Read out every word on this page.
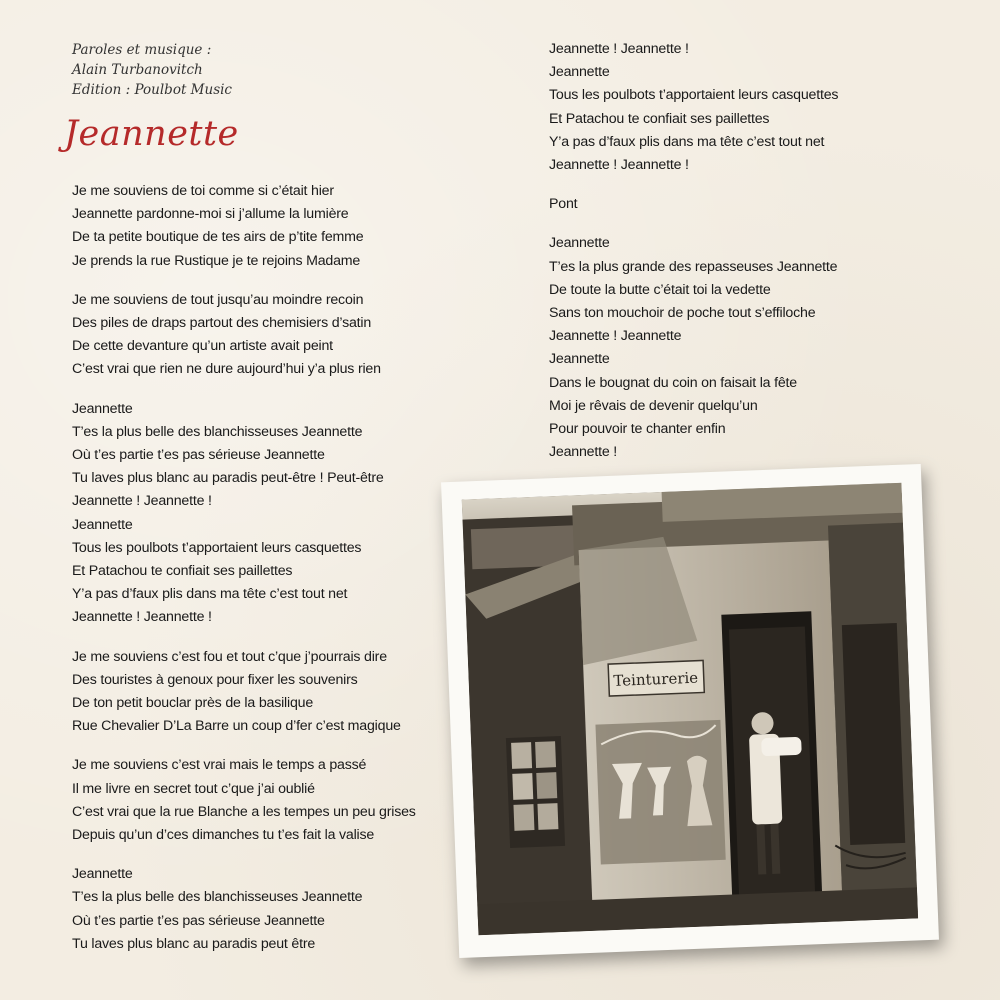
Paroles et musique :
Alain Turbanovitch
Edition : Poulbot Music
Jeannette
Je me souviens de toi comme si c’était hier
Jeannette pardonne-moi si j’allume la lumière
De ta petite boutique de tes airs de p’tite femme
Je prends la rue Rustique je te rejoins Madame
Je me souviens de tout jusqu’au moindre recoin
Des piles de draps partout des chemisiers d’satin
De cette devanture qu’un artiste avait peint
C’est vrai que rien ne dure aujourd’hui y’a plus rien
Jeannette
T’es la plus belle des blanchisseuses Jeannette
Où t’es partie t’es pas sérieuse Jeannette
Tu laves plus blanc au paradis peut-être ! Peut-être
Jeannette ! Jeannette !
Jeannette
Tous les poulbots t’apportaient leurs casquettes
Et Patachou te confiait ses paillettes
Y’a pas d’faux plis dans ma tête c’est tout net
Jeannette ! Jeannette !
Je me souviens c’est fou et tout c’que j’pourrais dire
Des touristes à genoux pour fixer les souvenirs
De ton petit bouclar près de la basilique
Rue Chevalier D’La Barre un coup d’fer c’est magique
Je me souviens c’est vrai mais le temps a passé
Il me livre en secret tout c’que j’ai oublié
C’est vrai que la rue Blanche a les tempes un peu grises
Depuis qu’un d’ces dimanches tu t’es fait la valise
Jeannette
T’es la plus belle des blanchisseuses Jeannette
Où t’es partie t’es pas sérieuse Jeannette
Tu laves plus blanc au paradis peut être
Jeannette ! Jeannette !
Jeannette
Tous les poulbots t’apportaient leurs casquettes
Et Patachou te confiait ses paillettes
Y’a pas d’faux plis dans ma tête c’est tout net
Jeannette ! Jeannette !
Pont
Jeannette
T’es la plus grande des repasseuses Jeannette
De toute la butte c’était toi la vedette
Sans ton mouchoir de poche tout s’effiloche
Jeannette ! Jeannette
Jeannette
Dans le bougnat du coin on faisait la fête
Moi je rêvais de devenir quelqu’un
Pour pouvoir te chanter enfin
Jeannette !
Teinturerie
